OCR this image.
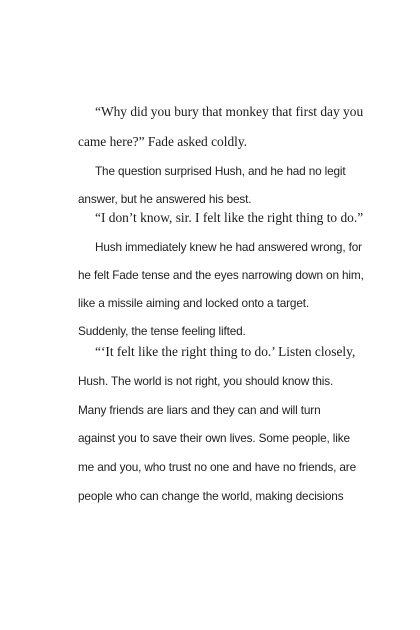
“Why did you bury that monkey that first day you
came here?” Fade asked coldly.
The question surprised Hush, and he had no legit
answer, but he answered his best.
“I don’t know, sir. I felt like the right thing to do.”
Hush immediately knew he had answered wrong, for
he felt Fade tense and the eyes narrowing down on him,
like a missile aiming and locked onto a target.
Suddenly, the tense feeling lifted.
“‘It felt like the right thing to do.’ Listen closely,
Hush. The world is not right, you should know this.
Many friends are liars and they can and will turn
against you to save their own lives. Some people, like
me and you, who trust no one and have no friends, are
people who can change the world, making decisions
